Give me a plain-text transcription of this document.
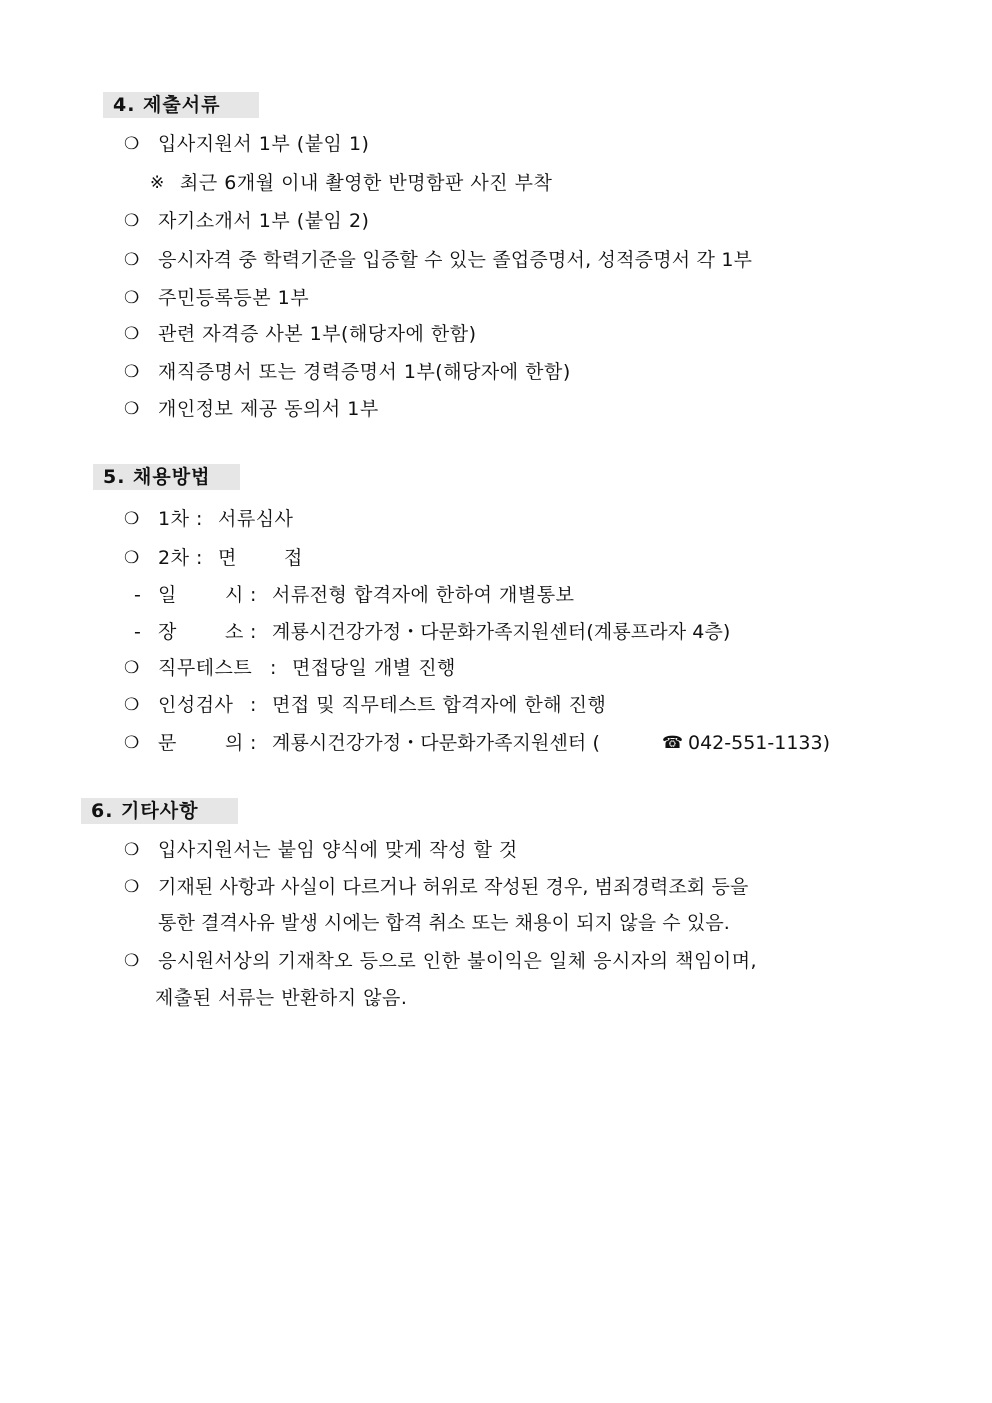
4. 제출서류
❍ 입사지원서 1부 (붙임 1)
※ 최근 6개월 이내 촬영한 반명함판 사진 부착
❍ 자기소개서 1부 (붙임 2)
❍ 응시자격 중 학력기준을 입증할 수 있는 졸업증명서, 성적증명서 각 1부
❍ 주민등록등본 1부
❍ 관련 자격증 사본 1부(해당자에 한함)
❍ 재직증명서 또는 경력증명서 1부(해당자에 한함)
❍ 개인정보 제공 동의서 1부
5. 채용방법
❍ 1차 : 서류심사
❍ 2차 : 면 접
- 일	시 : 서류전형 합격자에 한하여 개별통보
- 장	소 : 계룡시건강가정・다문화가족지원센터(계룡프라자 4층)
❍ 직무테스트 : 면접당일 개별 진행
❍ 인성검사 : 면접 및 직무테스트 합격자에 한해 진행
❍ 문	의 : 계룡시건강가정・다문화가족지원센터 (	☎ 042-551-1133)
6. 기타사항
❍ 입사지원서는 붙임 양식에 맞게 작성 할 것
❍ 기재된 사항과 사실이 다르거나 허위로 작성된 경우, 범죄경력조회 등을
통한 결격사유 발생 시에는 합격 취소 또는 채용이 되지 않을 수 있음.
❍ 응시원서상의 기재착오 등으로 인한 불이익은 일체 응시자의 책임이며,
제출된 서류는 반환하지 않음.
